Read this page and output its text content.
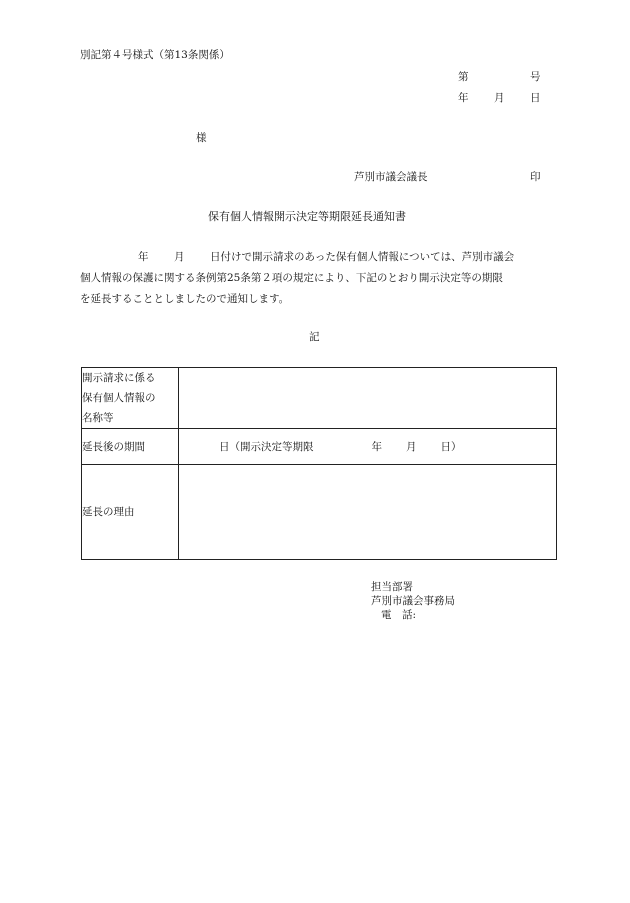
別記第４号様式（第13条関係）
第	号
年 月 日
様
芦別市議会議長	印
保有個人情報開示決定等期限延長通知書
年 月 日付けで開示請求のあった保有個人情報については、芦別市議会
個人情報の保護に関する条例第25条第２項の規定により、下記のとおり開示決定等の期限
を延長することとしましたので通知します。
記
開示請求に係る
保有個人情報の
名称等	

延長後の期間	日（開示決定等期限 年 月 日）

延長の理由	
担当部署
芦別市議会事務局
電　話:
